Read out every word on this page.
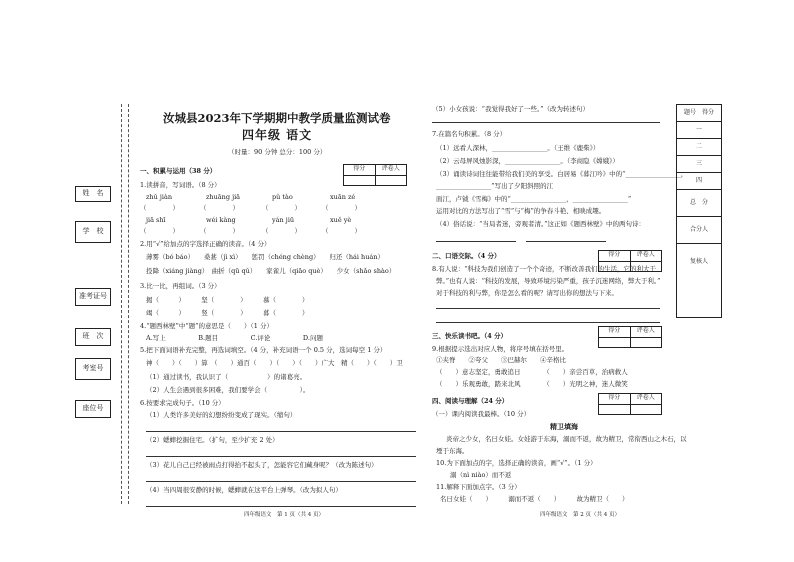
姓　名
学　校
准考证号
班　次
考室号
座位号
汝城县2023年下学期期中教学质量监测试卷
四年级 语文
（时量：90 分钟 总分：100 分）
得分	评卷人
一、积累与运用（38 分）
1.读拼音，写词语。（8 分）
zhǔ jiàn	zhuāng jiā	pǔ tào	xuān zé
（　　　　）	（　　　　）	（　　　　）	（　　　　）
jiā shī	wéi kàng	yán jiū	xuě yè
（　　　　）	（　　　　）	（　　　　）	（　　　　）
2.用“√”给加点的字选择正确的读音。（4 分）
薄雾（bó báo）　　桑葚（jì xì）　　惩罚（chéng chèng）　　归还（hái huán）
投降（xiáng jiàng）　曲折（qū qǔ）　　家雀儿（qiāo què）　　少女（shǎo shào）
3.比一比，再组词。（3 分）
揭（　　　）　　　坚（　　　　）　　　慕（　　　　）
竭（　　　）　　　竖（　　　　）　　　暮（　　　　）
4.“题西林壁”中“题”的意思是（　　）（1 分）
A.写上　　　　　B.题目　　　　　C.评论　　　　　D.问题
5.把下面词语补充完整，再选词填空。（4 分，补充词语一个 0.5 分，选词每空 1 分）
神（　　）（　　）算　（　　）通百（　　）（　　）（　　）广大　精（　　）（　　）卫
（1）通过读书，我认识了（　　　　　　）的诸葛亮。
（2）人生会遇到很多困难，我们要学会（　　　　　）。
6.按要求完成句子。（10 分）
（1）人类许多美好的幻想纷纷变成了现实。（缩句）
（2）蟋蟀挖掘住宅。（扩句，至少扩充 2 处）
（3）花儿自己已经被雨点打得抬不起头了，怎能容它们藏身呢？（改为陈述句）
（4）当四周很安静的时候，蟋蟀就在这平台上弹琴。（改为拟人句）
四年级语文　第 1 页（共 4 页）
（5）小女孩说：“我觉得我好了一些。”（改为转述句）
7.在篇名句积累。（8 分）
（1）远看人深林，_________________。（王维《鹿柴》）
（2）云母屏风烛影深，_________________。（李商隐《嫦娥》）
（3）诵读诗词往往能带给我们美的享受。白居易《暮江吟》中的“_________________，
_________________”写出了夕阳斜照的江
面江，卢钺《雪梅》中的“_________________，_________________”
运用对比的方法写出了“雪”与“梅”的争春斗艳、相映成趣。
（4）俗话说：“当局者迷，旁观者清。”这正如《题西林壁》中的两句诗：
得分	评卷人
二、口语交际。（4 分）
8.有人说：“科技为我们创造了一个个奇迹，不断改善我们的生活，它的利大于
弊。”也有人说：“科技的发展，导致环境污染严重，孩子沉迷网络，弊大于利。”
对于科技的利与弊，你是怎么看的呢？请写出你的想法与下来。
得分	评卷人
三、快乐读书吧。（4 分）
9.根据提示选出对应人物，将序号填在括号里。
①夹脊　　②夸父　　③巴赫尔　　④辛格比
（　　）意志坚定，勇敢追日　　　　（　　）亲尝百草，治病救人
（　　）乐观勇敢，踏来北风　　　　（　　）光明之神，迷人微笑
得分	评卷人
四、阅读与理解（24 分）
（一）课内阅读我最棒。（10 分）
精卫填海
炎帝之少女，名曰女娃。女娃游于东海，溺而不返，故为精卫，常衔西山之木石，以
堙于东海。
10.为下面加点的字，选择正确的读音，画“√”。（1 分）
溺（nì niào）而不返
11.解释下面加点字。（3 分）
名曰女娃（　　）　　　溺而不返（　　）　　　故为精卫（　　）
四年级语文　第 2 页（共 4 页）
题号 得分
一
二
三
四
总　分
合分人
复核人
